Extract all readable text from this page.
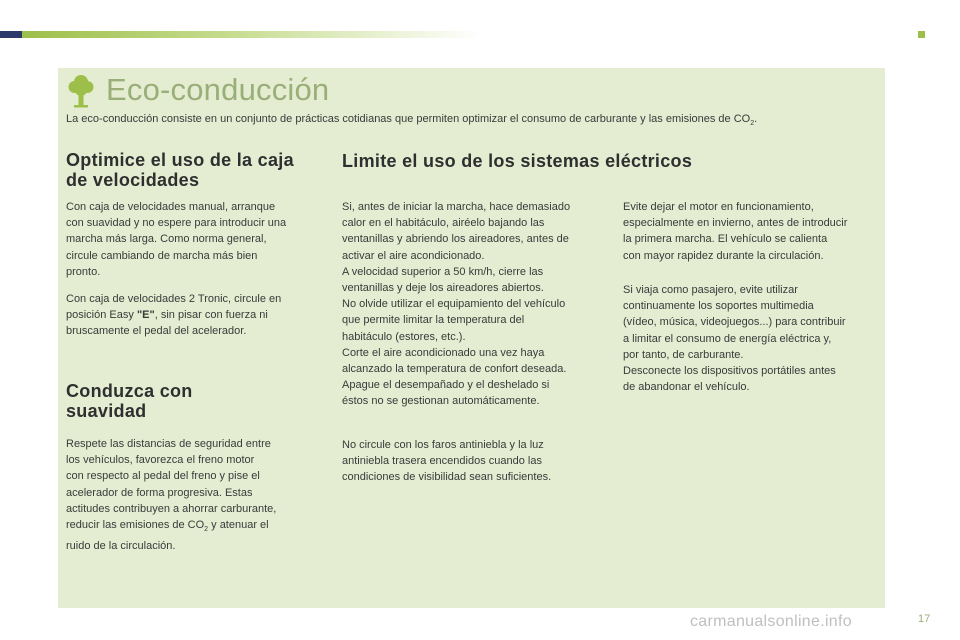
Eco-conducción
La eco-conducción consiste en un conjunto de prácticas cotidianas que permiten optimizar el consumo de carburante y las emisiones de $CO_2$.
Optimice el uso de la caja
de velocidades
Con caja de velocidades manual, arranque
con suavidad y no espere para introducir una
marcha más larga. Como norma general,
circule cambiando de marcha más bien
pronto.
Con caja de velocidades 2 Tronic, circule en
posición Easy "E", sin pisar con fuerza ni
bruscamente el pedal del acelerador.
Conduzca con
suavidad
Respete las distancias de seguridad entre
los vehículos, favorezca el freno motor
con respecto al pedal del freno y pise el
acelerador de forma progresiva. Estas
actitudes contribuyen a ahorrar carburante,
reducir las emisiones de $CO_2$ y atenuar el
ruido de la circulación.
Limite el uso de los sistemas eléctricos
Si, antes de iniciar la marcha, hace demasiado
calor en el habitáculo, airéelo bajando las
ventanillas y abriendo los aireadores, antes de
activar el aire acondicionado.
A velocidad superior a 50 km/h, cierre las
ventanillas y deje los aireadores abiertos.
No olvide utilizar el equipamiento del vehículo
que permite limitar la temperatura del
habitáculo (estores, etc.).
Corte el aire acondicionado una vez haya
alcanzado la temperatura de confort deseada.
Apague el desempañado y el deshelado si
éstos no se gestionan automáticamente.
No circule con los faros antiniebla y la luz
antiniebla trasera encendidos cuando las
condiciones de visibilidad sean suficientes.
Evite dejar el motor en funcionamiento,
especialmente en invierno, antes de introducir
la primera marcha. El vehículo se calienta
con mayor rapidez durante la circulación.
Si viaja como pasajero, evite utilizar
continuamente los soportes multimedia
(vídeo, música, videojuegos...) para contribuir
a limitar el consumo de energía eléctrica y,
por tanto, de carburante.
Desconecte los dispositivos portátiles antes
de abandonar el vehículo.
carmanualsonline.info	17
